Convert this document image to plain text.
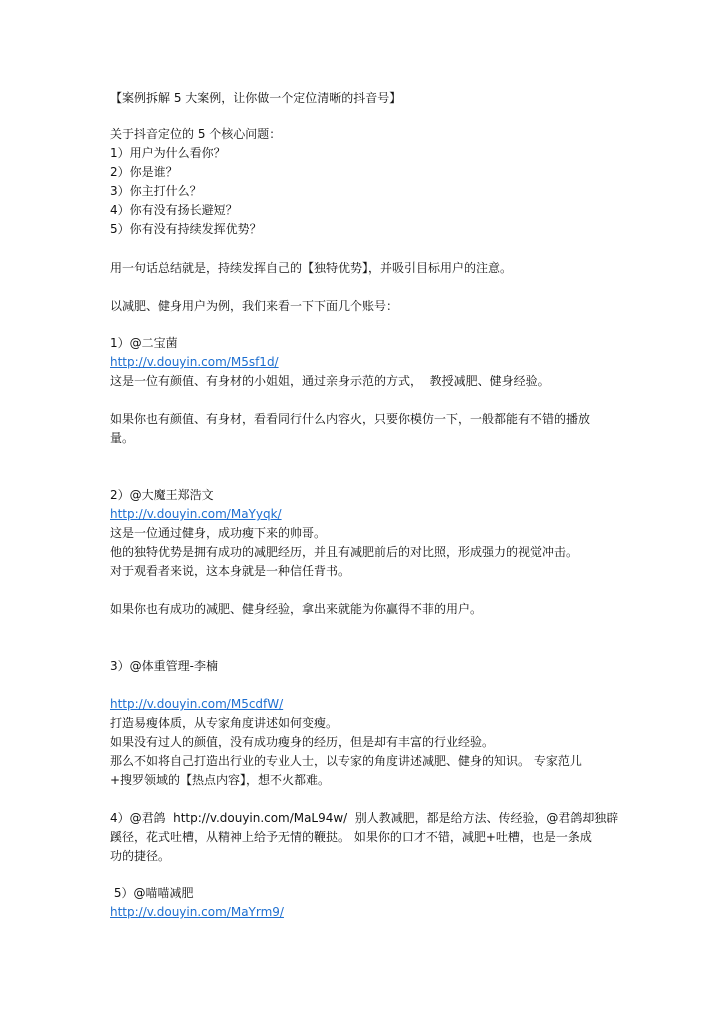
【案例拆解 5 大案例，让你做一个定位清晰的抖音号】
关于抖音定位的 5 个核心问题：
1）用户为什么看你？
2）你是谁？
3）你主打什么？
4）你有没有扬长避短？
5）你有没有持续发挥优势？
用一句话总结就是，持续发挥自己的【独特优势】，并吸引目标用户的注意。
以减肥、健身用户为例，我们来看一下下面几个账号：
1）@二宝菌
http://v.douyin.com/M5sf1d/
这是一位有颜值、有身材的小姐姐，通过亲身示范的方式，  教授减肥、健身经验。
如果你也有颜值、有身材，看看同行什么内容火，只要你模仿一下，一般都能有不错的播放
量。
2）@大魔王郑浩文
http://v.douyin.com/MaYyqk/
这是一位通过健身，成功瘦下来的帅哥。
他的独特优势是拥有成功的减肥经历，并且有减肥前后的对比照，形成强力的视觉冲击。
对于观看者来说，这本身就是一种信任背书。
如果你也有成功的减肥、健身经验，拿出来就能为你赢得不菲的用户。
3）@体重管理-李楠
http://v.douyin.com/M5cdfW/
打造易瘦体质，从专家角度讲述如何变瘦。
如果没有过人的颜值，没有成功瘦身的经历，但是却有丰富的行业经验。
那么不如将自己打造出行业的专业人士，以专家的角度讲述减肥、健身的知识。 专家范儿
+搜罗领域的【热点内容】，想不火都难。
4）@君鸽  http://v.douyin.com/MaL94w/  别人教减肥，都是给方法、传经验，@君鸽却独辟
蹊径，花式吐槽，从精神上给予无情的鞭挞。 如果你的口才不错，减肥+吐槽，也是一条成
功的捷径。
5）@喵喵减肥
http://v.douyin.com/MaYrm9/
